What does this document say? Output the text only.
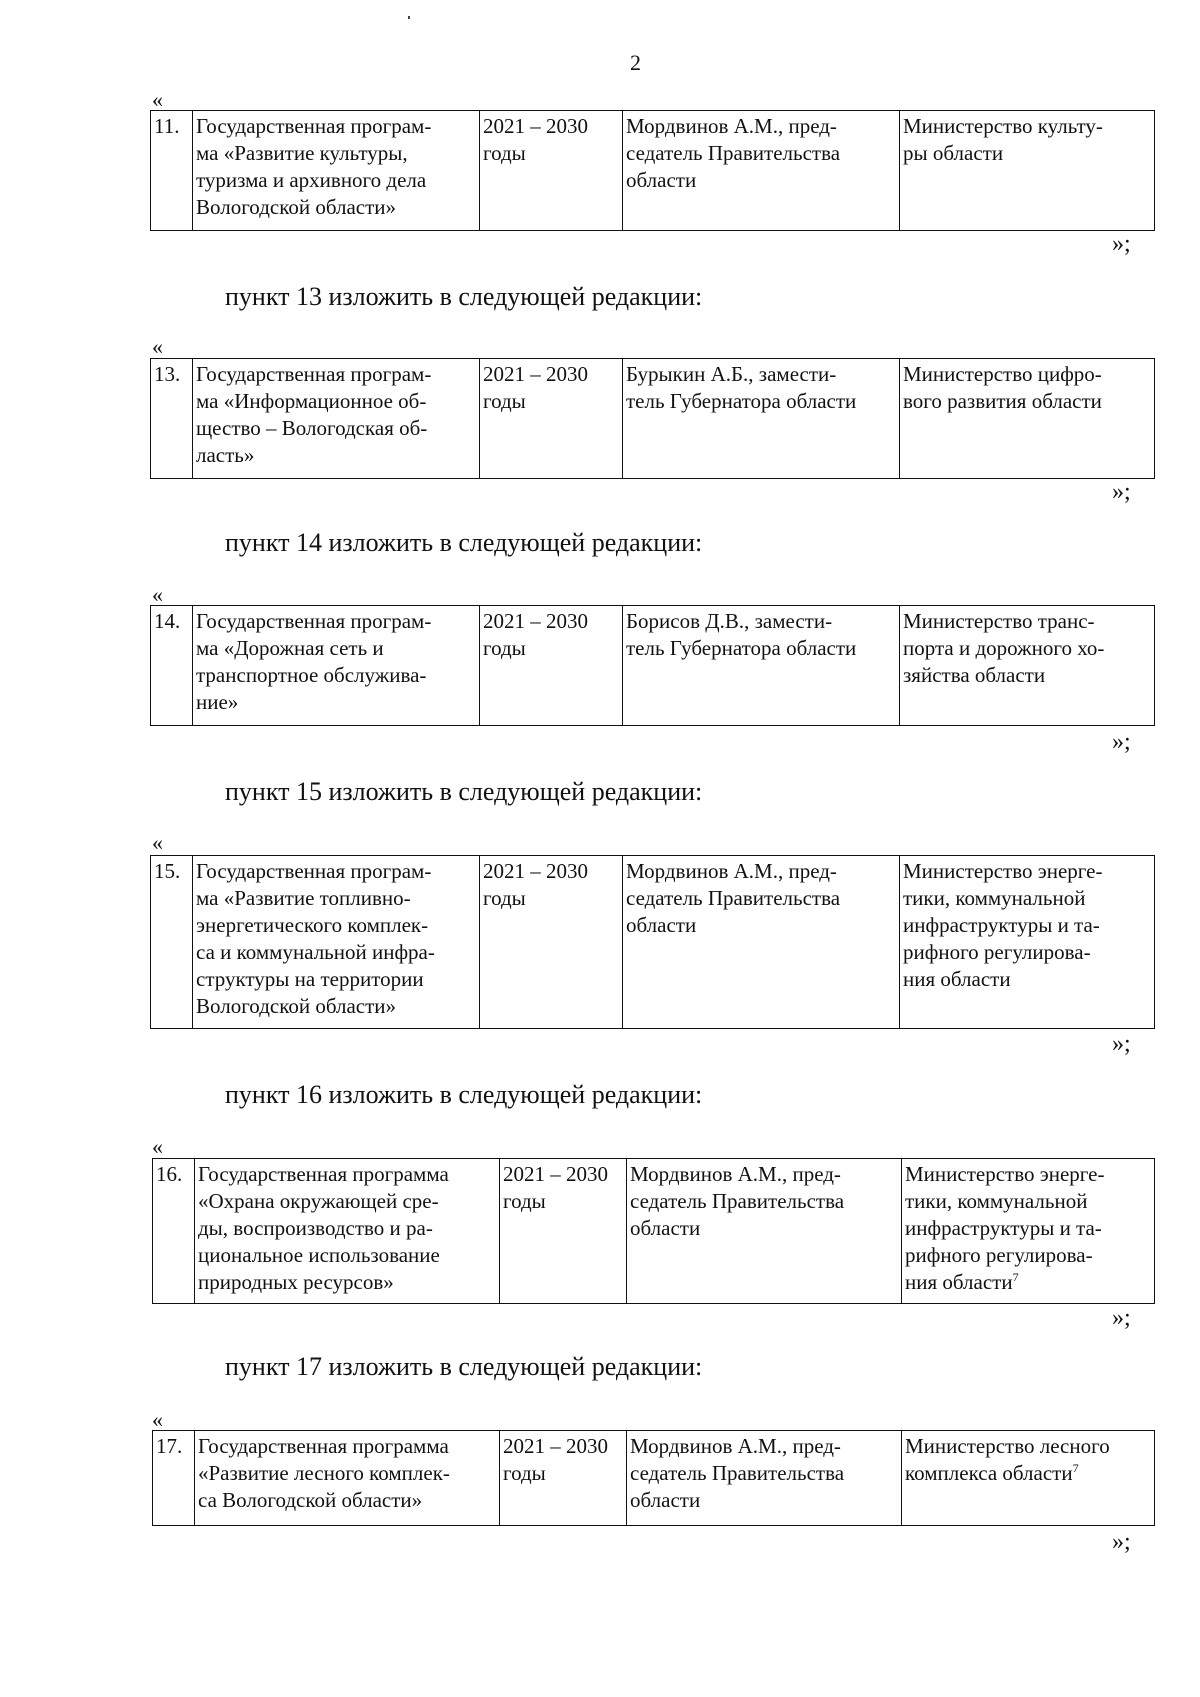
2
«
11.	Государственная програм-
ма «Развитие культуры,
туризма и архивного дела
Вологодской области»	2021 – 2030
годы	Мордвинов А.М., пред-
седатель Правительства
области	Министерство культу-
ры области
»;
пункт 13 изложить в следующей редакции:
«
13.	Государственная програм-
ма «Информационное об-
щество – Вологодская об-
ласть»	2021 – 2030
годы	Бурыкин А.Б., замести-
тель Губернатора области	Министерство цифро-
вого развития области
»;
пункт 14 изложить в следующей редакции:
«
14.	Государственная програм-
ма «Дорожная сеть и
транспортное обслужива-
ние»	2021 – 2030
годы	Борисов Д.В., замести-
тель Губернатора области	Министерство транс-
порта и дорожного хо-
зяйства области
»;
пункт 15 изложить в следующей редакции:
«
15.	Государственная програм-
ма «Развитие топливно-
энергетического комплек-
са и коммунальной инфра-
структуры на территории
Вологодской области»	2021 – 2030
годы	Мордвинов А.М., пред-
седатель Правительства
области	Министерство энерге-
тики, коммунальной
инфраструктуры и та-
рифного регулирова-
ния области
»;
пункт 16 изложить в следующей редакции:
«
16.	Государственная программа
«Охрана окружающей сре-
ды, воспроизводство и ра-
циональное использование
природных ресурсов»	2021 – 2030
годы	Мордвинов А.М., пред-
седатель Правительства
области	Министерство энерге-
тики, коммунальной
инфраструктуры и та-
рифного регулирова-
ния области$^7$
»;
пункт 17 изложить в следующей редакции:
«
17.	Государственная программа
«Развитие лесного комплек-
са Вологодской области»	2021 – 2030
годы	Мордвинов А.М., пред-
седатель Правительства
области	Министерство лесного
комплекса области$^7$
»;
